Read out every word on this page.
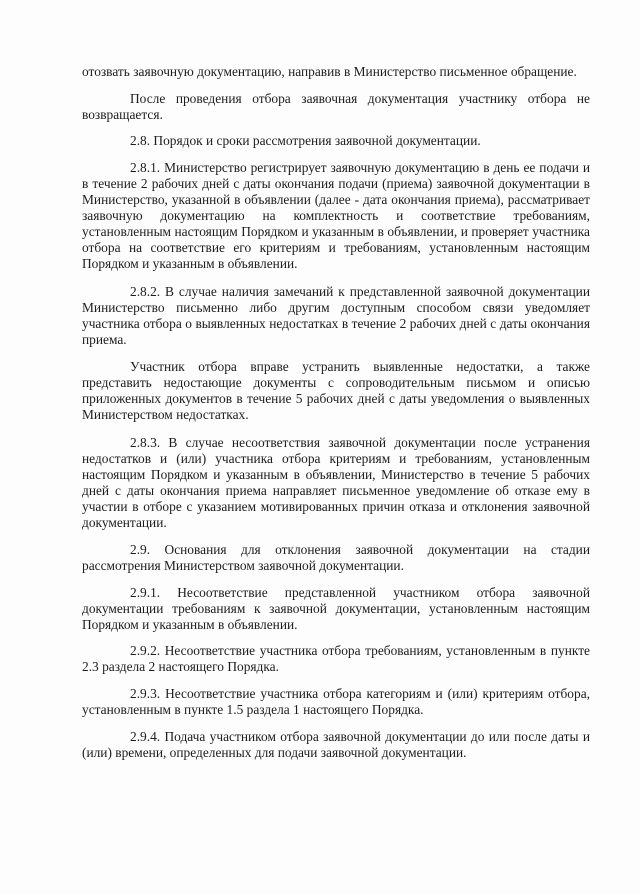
отозвать заявочную документацию, направив в Министерство письменное обращение.

После проведения отбора заявочная документация участнику отбора не возвращается.

2.8. Порядок и сроки рассмотрения заявочной документации.

2.8.1. Министерство регистрирует заявочную документацию в день ее подачи и в течение 2 рабочих дней с даты окончания подачи (приема) заявочной документации в Министерство, указанной в объявлении (далее - дата окончания приема), рассматривает заявочную документацию на комплектность и соответствие требованиям, установленным настоящим Порядком и указанным в объявлении, и проверяет участника отбора на соответствие его критериям и требованиям, установленным настоящим Порядком и указанным в объявлении.

2.8.2. В случае наличия замечаний к представленной заявочной документации Министерство письменно либо другим доступным способом связи уведомляет участника отбора о выявленных недостатках в течение 2 рабочих дней с даты окончания приема.

Участник отбора вправе устранить выявленные недостатки, а также представить недостающие документы с сопроводительным письмом и описью приложенных документов в течение 5 рабочих дней с даты уведомления о выявленных Министерством недостатках.

2.8.3. В случае несоответствия заявочной документации после устранения недостатков и (или) участника отбора критериям и требованиям, установленным настоящим Порядком и указанным в объявлении, Министерство в течение 5 рабочих дней с даты окончания приема направляет письменное уведомление об отказе ему в участии в отборе с указанием мотивированных причин отказа и отклонения заявочной документации.

2.9. Основания для отклонения заявочной документации на стадии рассмотрения Министерством заявочной документации.

2.9.1. Несоответствие представленной участником отбора заявочной документации требованиям к заявочной документации, установленным настоящим Порядком и указанным в объявлении.

2.9.2. Несоответствие участника отбора требованиям, установленным в пункте 2.3 раздела 2 настоящего Порядка.

2.9.3. Несоответствие участника отбора категориям и (или) критериям отбора, установленным в пункте 1.5 раздела 1 настоящего Порядка.

2.9.4. Подача участником отбора заявочной документации до или после даты и (или) времени, определенных для подачи заявочной документации.
